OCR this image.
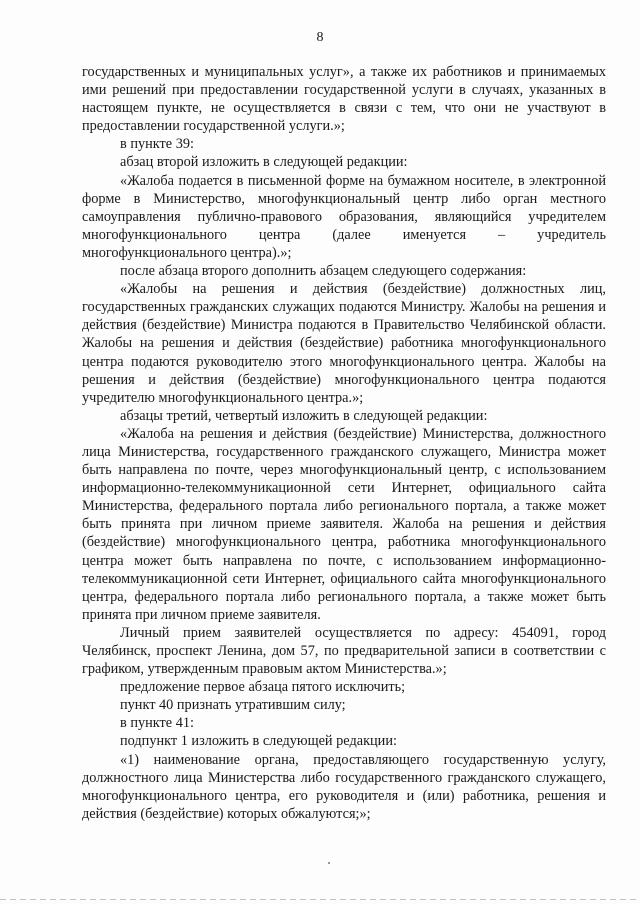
8

государственных и муниципальных услуг», а также их работников и принимаемых ими решений при предоставлении государственной услуги в случаях, указанных в настоящем пункте, не осуществляется в связи с тем, что они не участвуют в предоставлении государственной услуги.»;

в пункте 39:

абзац второй изложить в следующей редакции:

«Жалоба подается в письменной форме на бумажном носителе, в электронной форме в Министерство, многофункциональный центр либо орган местного самоуправления публично-правового образования, являющийся учредителем многофункционального центра (далее именуется – учредитель многофункционального центра).»;

после абзаца второго дополнить абзацем следующего содержания:

«Жалобы на решения и действия (бездействие) должностных лиц, государственных гражданских служащих подаются Министру. Жалобы на решения и действия (бездействие) Министра подаются в Правительство Челябинской области. Жалобы на решения и действия (бездействие) работника многофункционального центра подаются руководителю этого многофункционального центра. Жалобы на решения и действия (бездействие) многофункционального центра подаются учредителю многофункционального центра.»;

абзацы третий, четвертый изложить в следующей редакции:

«Жалоба на решения и действия (бездействие) Министерства, должностного лица Министерства, государственного гражданского служащего, Министра может быть направлена по почте, через многофункциональный центр, с использованием информационно-телекоммуникационной сети Интернет, официального сайта Министерства, федерального портала либо регионального портала, а также может быть принята при личном приеме заявителя. Жалоба на решения и действия (бездействие) многофункционального центра, работника многофункционального центра может быть направлена по почте, с использованием информационно-телекоммуникационной сети Интернет, официального сайта многофункционального центра, федерального портала либо регионального портала, а также может быть принята при личном приеме заявителя.

Личный прием заявителей осуществляется по адресу: 454091, город Челябинск, проспект Ленина, дом 57, по предварительной записи в соответствии с графиком, утвержденным правовым актом Министерства.»;

предложение первое абзаца пятого исключить;

пункт 40 признать утратившим силу;

в пункте 41:

подпункт 1 изложить в следующей редакции:

«1) наименование органа, предоставляющего государственную услугу, должностного лица Министерства либо государственного гражданского служащего, многофункционального центра, его руководителя и (или) работника, решения и действия (бездействие) которых обжалуются;»;
